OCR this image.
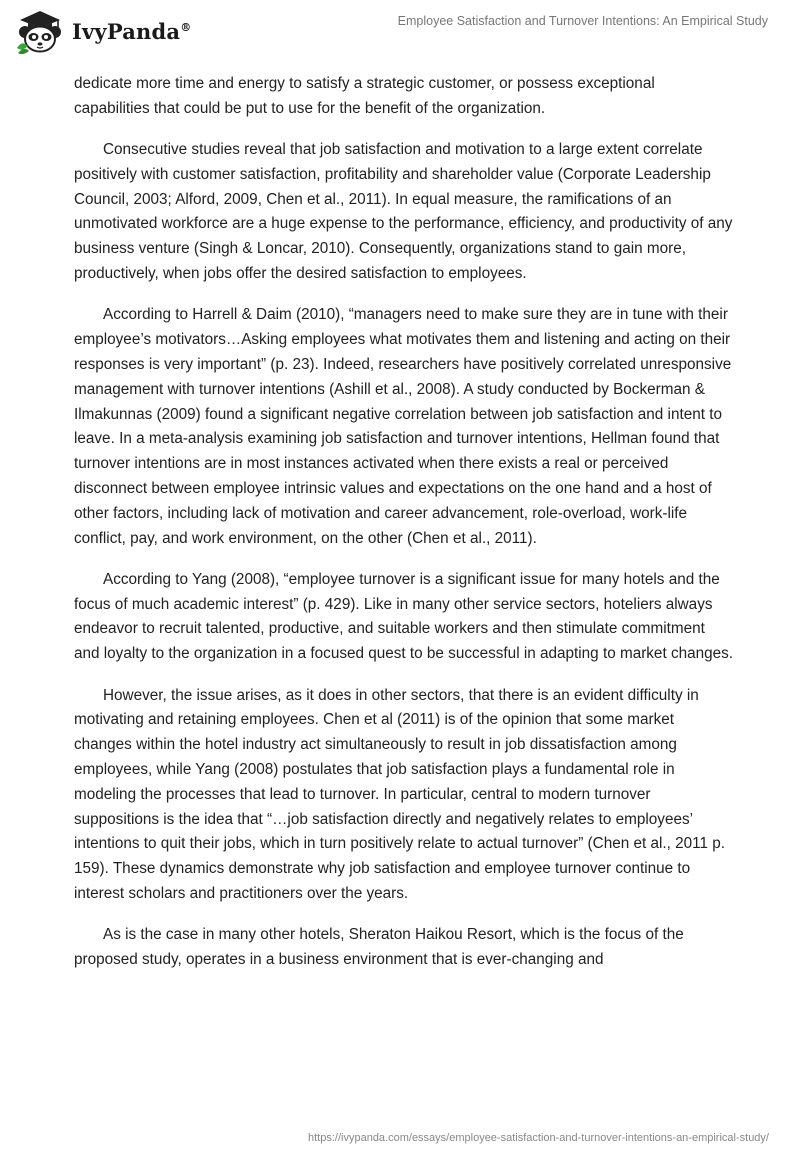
IvyPanda®	Employee Satisfaction and Turnover Intentions: An Empirical Study

dedicate more time and energy to satisfy a strategic customer, or possess exceptional capabilities that could be put to use for the benefit of the organization.

Consecutive studies reveal that job satisfaction and motivation to a large extent correlate positively with customer satisfaction, profitability and shareholder value (Corporate Leadership Council, 2003; Alford, 2009, Chen et al., 2011). In equal measure, the ramifications of an unmotivated workforce are a huge expense to the performance, efficiency, and productivity of any business venture (Singh & Loncar, 2010). Consequently, organizations stand to gain more, productively, when jobs offer the desired satisfaction to employees.

According to Harrell & Daim (2010), “managers need to make sure they are in tune with their employee’s motivators…Asking employees what motivates them and listening and acting on their responses is very important” (p. 23). Indeed, researchers have positively correlated unresponsive management with turnover intentions (Ashill et al., 2008). A study conducted by Bockerman & Ilmakunnas (2009) found a significant negative correlation between job satisfaction and intent to leave. In a meta-analysis examining job satisfaction and turnover intentions, Hellman found that turnover intentions are in most instances activated when there exists a real or perceived disconnect between employee intrinsic values and expectations on the one hand and a host of other factors, including lack of motivation and career advancement, role-overload, work-life conflict, pay, and work environment, on the other (Chen et al., 2011).

According to Yang (2008), “employee turnover is a significant issue for many hotels and the focus of much academic interest” (p. 429). Like in many other service sectors, hoteliers always endeavor to recruit talented, productive, and suitable workers and then stimulate commitment and loyalty to the organization in a focused quest to be successful in adapting to market changes.

However, the issue arises, as it does in other sectors, that there is an evident difficulty in motivating and retaining employees. Chen et al (2011) is of the opinion that some market changes within the hotel industry act simultaneously to result in job dissatisfaction among employees, while Yang (2008) postulates that job satisfaction plays a fundamental role in modeling the processes that lead to turnover. In particular, central to modern turnover suppositions is the idea that “…job satisfaction directly and negatively relates to employees’ intentions to quit their jobs, which in turn positively relate to actual turnover” (Chen et al., 2011 p. 159). These dynamics demonstrate why job satisfaction and employee turnover continue to interest scholars and practitioners over the years.

As is the case in many other hotels, Sheraton Haikou Resort, which is the focus of the proposed study, operates in a business environment that is ever-changing and

https://ivypanda.com/essays/employee-satisfaction-and-turnover-intentions-an-empirical-study/
